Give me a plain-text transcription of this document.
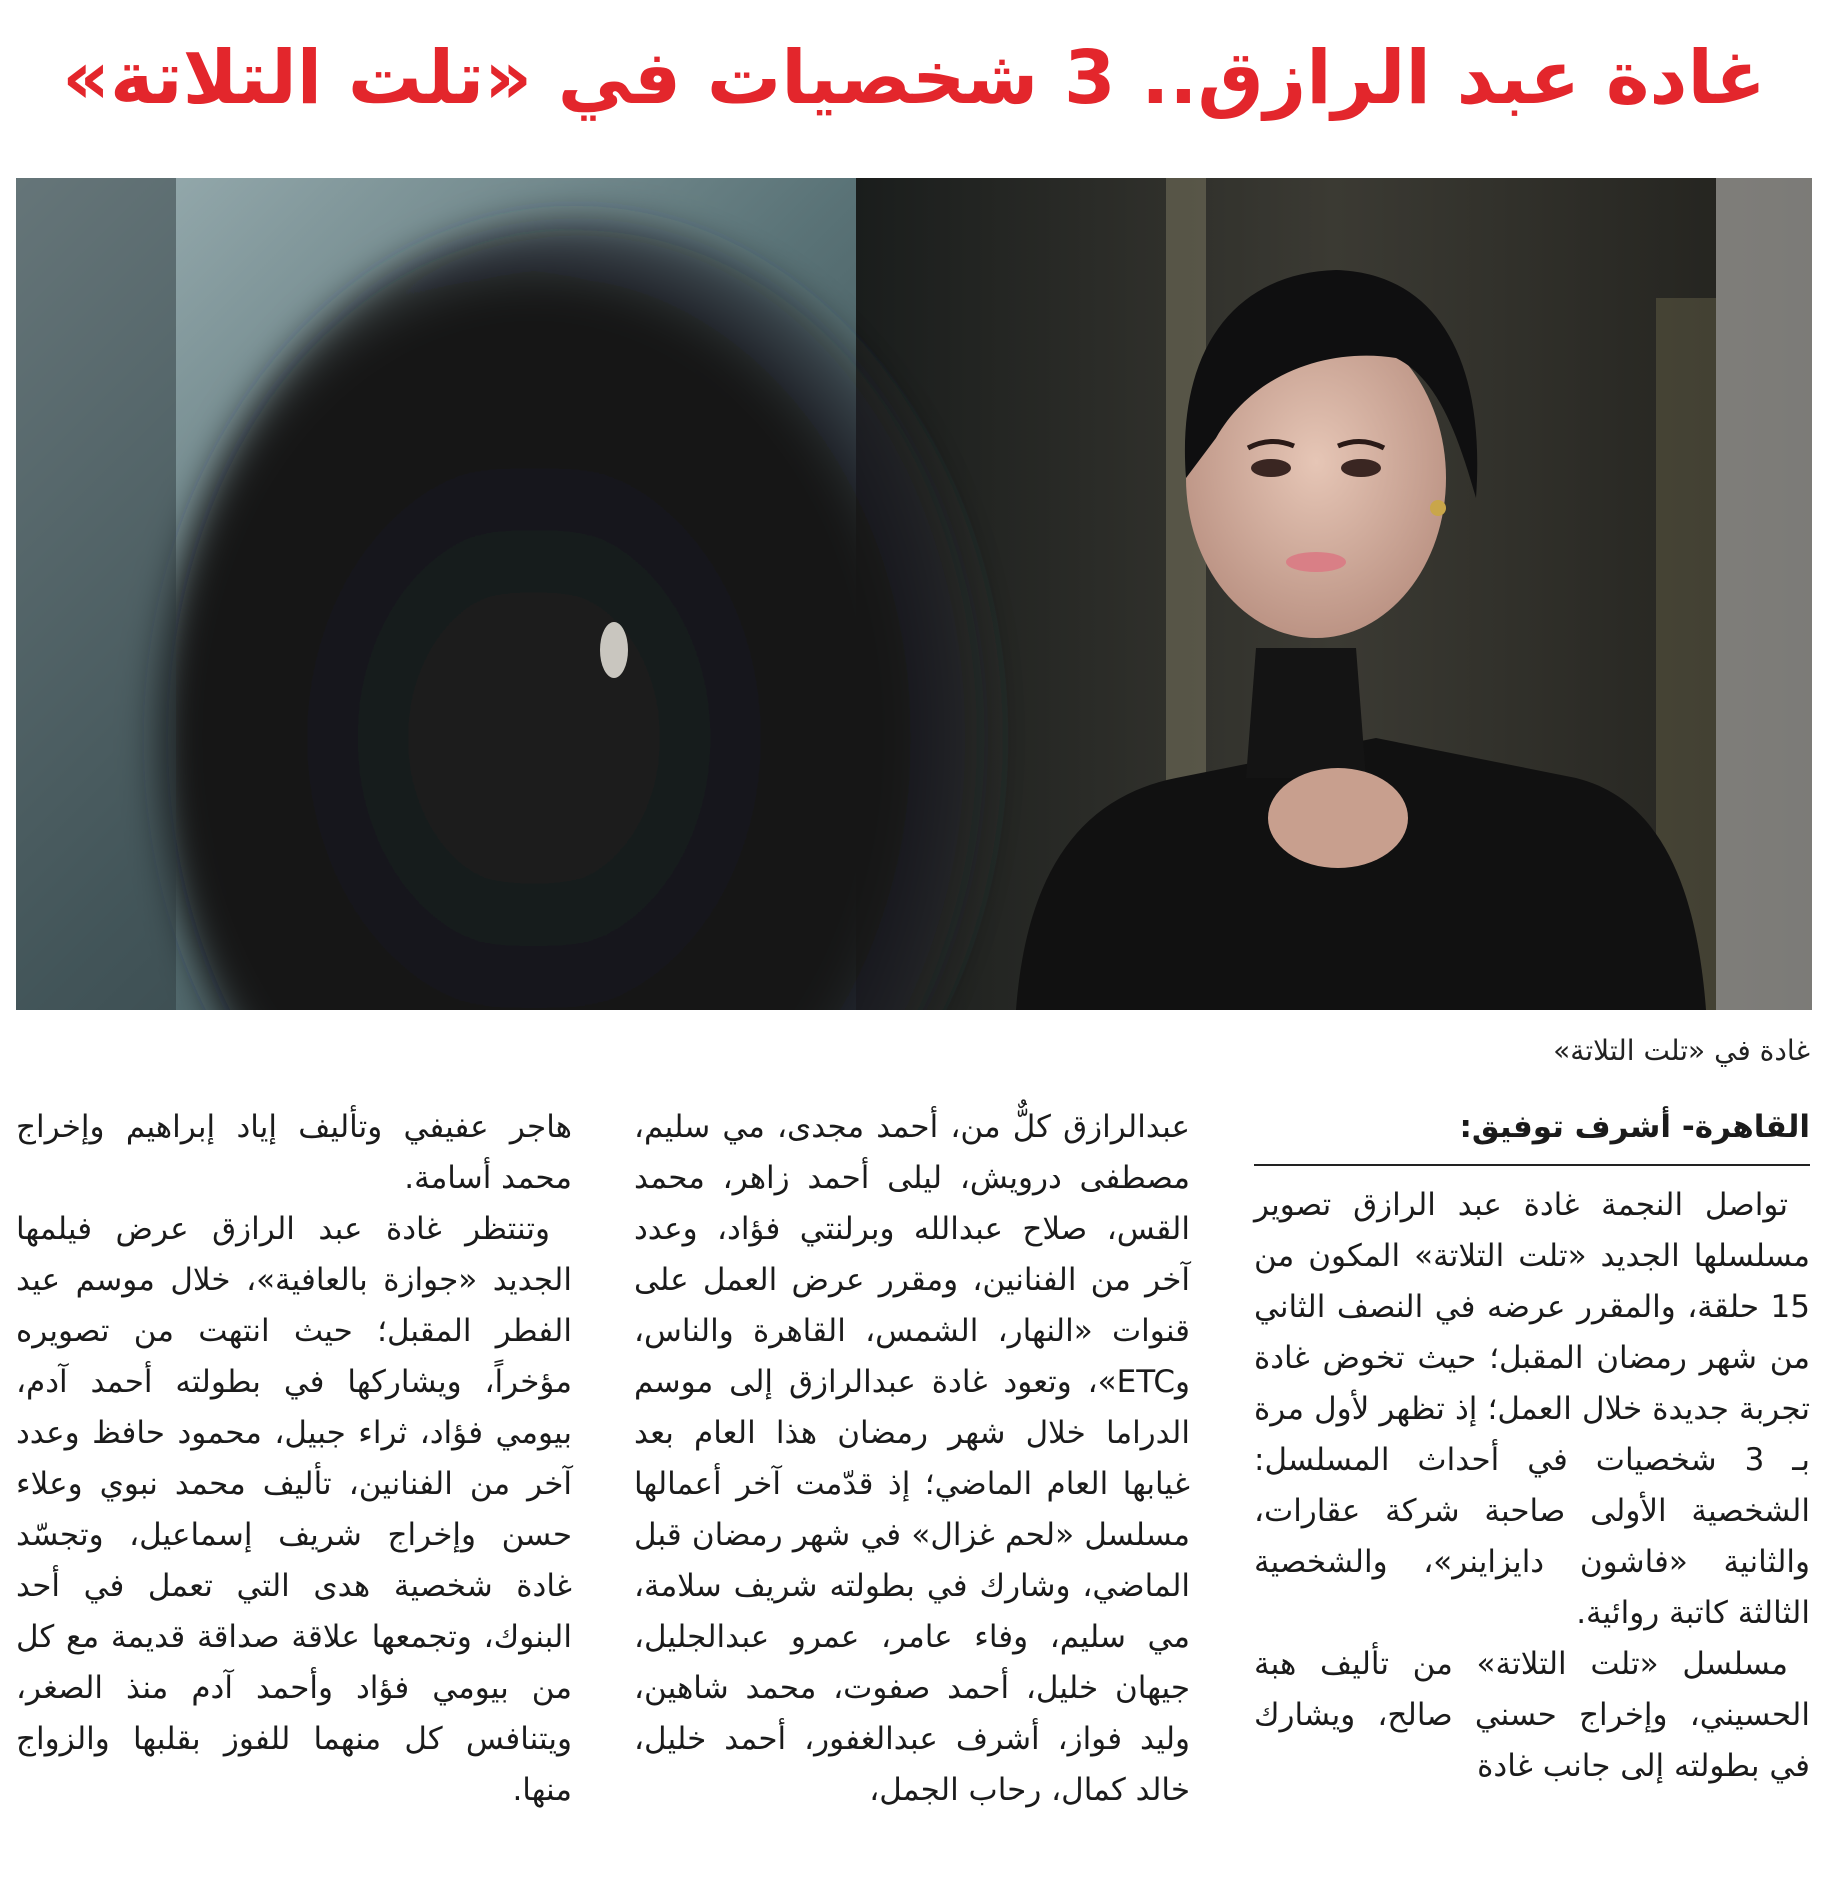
غادة عبد الرازق.. 3 شخصيات في «تلت التلاتة»
غادة في «تلت التلاتة»

القاهرة- أشرف توفيق:

تواصل النجمة غادة عبد الرازق تصوير مسلسلها الجديد «تلت التلاتة» المكون من 15 حلقة، والمقرر عرضه في النصف الثاني من شهر رمضان المقبل؛ حيث تخوض غادة تجربة جديدة خلال العمل؛ إذ تظهر لأول مرة بـ 3 شخصيات في أحداث المسلسل: الشخصية الأولى صاحبة شركة عقارات، والثانية «فاشون دايزاينر»، والشخصية الثالثة كاتبة روائية.

مسلسل «تلت التلاتة» من تأليف هبة الحسيني، وإخراج حسني صالح، ويشارك في بطولته إلى جانب غادة

عبدالرازق كلٌّ من، أحمد مجدى، مي سليم، مصطفى درويش، ليلى أحمد زاهر، محمد القس، صلاح عبدالله وبرلنتي فؤاد، وعدد آخر من الفنانين، ومقرر عرض العمل على قنوات «النهار، الشمس، القاهرة والناس، وETC»، وتعود غادة عبدالرازق إلى موسم الدراما خلال شهر رمضان هذا العام بعد غيابها العام الماضي؛ إذ قدّمت آخر أعمالها مسلسل «لحم غزال» في شهر رمضان قبل الماضي، وشارك في بطولته شريف سلامة، مي سليم، وفاء عامر، عمرو عبدالجليل، جيهان خليل، أحمد صفوت، محمد شاهين، وليد فواز، أشرف عبدالغفور، أحمد خليل، خالد كمال، رحاب الجمل،

هاجر عفيفي وتأليف إياد إبراهيم وإخراج محمد أسامة.

وتنتظر غادة عبد الرازق عرض فيلمها الجديد «جوازة بالعافية»، خلال موسم عيد الفطر المقبل؛ حيث انتهت من تصويره مؤخراً، ويشاركها في بطولته أحمد آدم، بيومي فؤاد، ثراء جبيل، محمود حافظ وعدد آخر من الفنانين، تأليف محمد نبوي وعلاء حسن وإخراج شريف إسماعيل، وتجسّد غادة شخصية هدى التي تعمل في أحد البنوك، وتجمعها علاقة صداقة قديمة مع كل من بيومي فؤاد وأحمد آدم منذ الصغر، ويتنافس كل منهما للفوز بقلبها والزواج منها.
